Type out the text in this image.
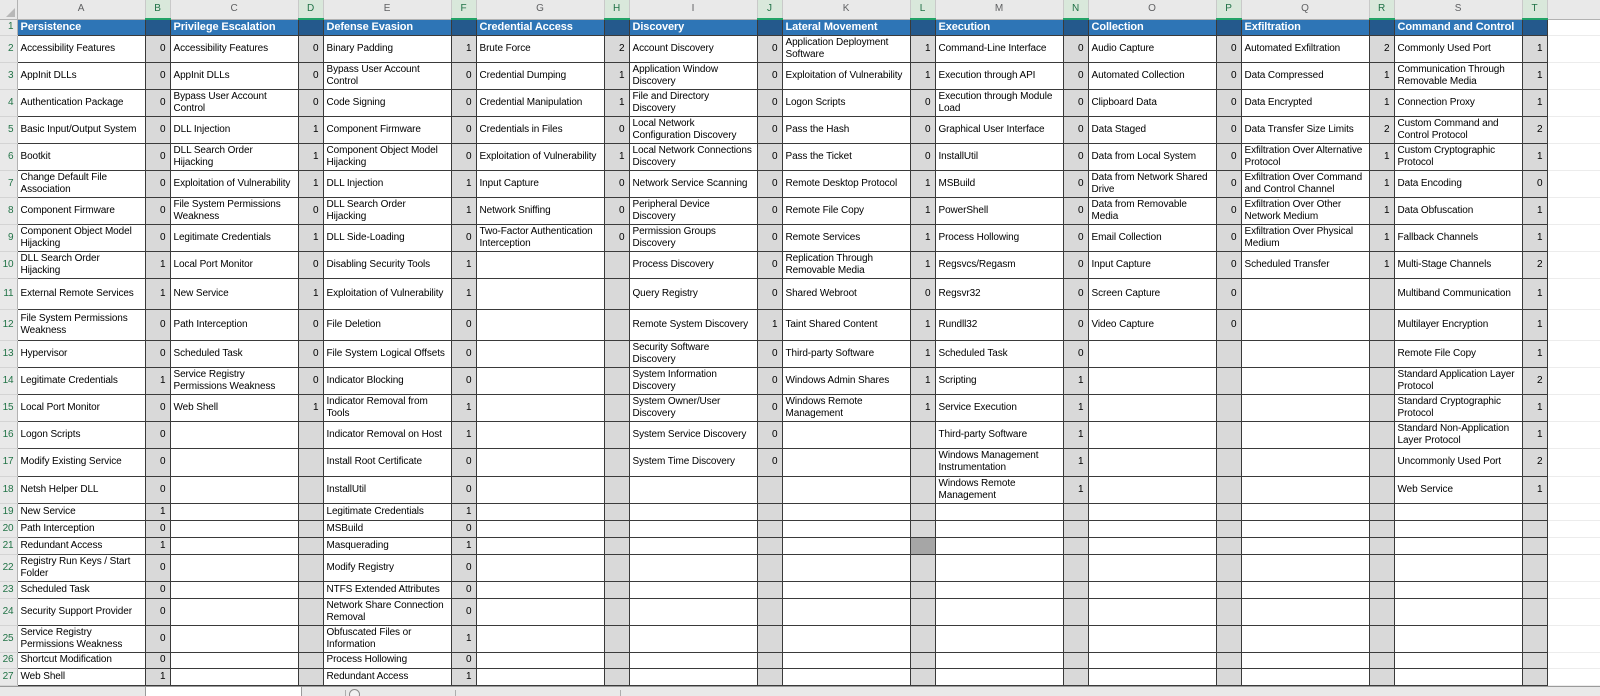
	A	B	C	D	E	F	G	H	I	J	K	L	M	N	O	P	Q	R	S	T	
1	Persistence		Privilege Escalation		Defense Evasion		Credential Access		Discovery		Lateral Movement		Execution		Collection		Exfiltration		Command and Control		
2	Accessibility Features	0	Accessibility Features	0	Binary Padding	1	Brute Force	2	Account Discovery	0	Application Deployment Software	1	Command-Line Interface	0	Audio Capture	0	Automated Exfiltration	2	Commonly Used Port	1	
3	AppInit DLLs	0	AppInit DLLs	0	Bypass User Account Control	0	Credential Dumping	1	Application Window Discovery	0	Exploitation of Vulnerability	1	Execution through API	0	Automated Collection	0	Data Compressed	1	Communication Through Removable Media	1	
4	Authentication Package	0	Bypass User Account Control	0	Code Signing	0	Credential Manipulation	1	File and Directory Discovery	0	Logon Scripts	0	Execution through Module Load	0	Clipboard Data	0	Data Encrypted	1	Connection Proxy	1	
5	Basic Input/Output System	0	DLL Injection	1	Component Firmware	0	Credentials in Files	0	Local Network Configuration Discovery	0	Pass the Hash	0	Graphical User Interface	0	Data Staged	0	Data Transfer Size Limits	2	Custom Command and Control Protocol	2	
6	Bootkit	0	DLL Search Order Hijacking	1	Component Object Model Hijacking	0	Exploitation of Vulnerability	1	Local Network Connections Discovery	0	Pass the Ticket	0	InstallUtil	0	Data from Local System	0	Exfiltration Over Alternative Protocol	1	Custom Cryptographic Protocol	1	
7	Change Default File Association	0	Exploitation of Vulnerability	1	DLL Injection	1	Input Capture	0	Network Service Scanning	0	Remote Desktop Protocol	1	MSBuild	0	Data from Network Shared Drive	0	Exfiltration Over Command and Control Channel	1	Data Encoding	0	
8	Component Firmware	0	File System Permissions Weakness	0	DLL Search Order Hijacking	1	Network Sniffing	0	Peripheral Device Discovery	0	Remote File Copy	1	PowerShell	0	Data from Removable Media	0	Exfiltration Over Other Network Medium	1	Data Obfuscation	1	
9	Component Object Model Hijacking	0	Legitimate Credentials	1	DLL Side-Loading	0	Two-Factor Authentication Interception	0	Permission Groups Discovery	0	Remote Services	1	Process Hollowing	0	Email Collection	0	Exfiltration Over Physical Medium	1	Fallback Channels	1	
10	DLL Search Order Hijacking	1	Local Port Monitor	0	Disabling Security Tools	1			Process Discovery	0	Replication Through Removable Media	1	Regsvcs/Regasm	0	Input Capture	0	Scheduled Transfer	1	Multi-Stage Channels	2	
11	External Remote Services	1	New Service	1	Exploitation of Vulnerability	1			Query Registry	0	Shared Webroot	0	Regsvr32	0	Screen Capture	0			Multiband Communication	1	
12	File System Permissions Weakness	0	Path Interception	0	File Deletion	0			Remote System Discovery	1	Taint Shared Content	1	Rundll32	0	Video Capture	0			Multilayer Encryption	1	
13	Hypervisor	0	Scheduled Task	0	File System Logical Offsets	0			Security Software Discovery	0	Third-party Software	1	Scheduled Task	0					Remote File Copy	1	
14	Legitimate Credentials	1	Service Registry Permissions Weakness	0	Indicator Blocking	0			System Information Discovery	0	Windows Admin Shares	1	Scripting	1					Standard Application Layer Protocol	2	
15	Local Port Monitor	0	Web Shell	1	Indicator Removal from Tools	1			System Owner/User Discovery	0	Windows Remote Management	1	Service Execution	1					Standard Cryptographic Protocol	1	
16	Logon Scripts	0			Indicator Removal on Host	1			System Service Discovery	0			Third-party Software	1					Standard Non-Application Layer Protocol	1	
17	Modify Existing Service	0			Install Root Certificate	0			System Time Discovery	0			Windows Management Instrumentation	1					Uncommonly Used Port	2	
18	Netsh Helper DLL	0			InstallUtil	0							Windows Remote Management	1					Web Service	1	
19	New Service	1			Legitimate Credentials	1															
20	Path Interception	0			MSBuild	0															
21	Redundant Access	1			Masquerading	1															
22	Registry Run Keys / Start Folder	0			Modify Registry	0															
23	Scheduled Task	0			NTFS Extended Attributes	0															
24	Security Support Provider	0			Network Share Connection Removal	0															
25	Service Registry Permissions Weakness	0			Obfuscated Files or Information	1															
26	Shortcut Modification	0			Process Hollowing	0															
27	Web Shell	1			Redundant Access	1															
